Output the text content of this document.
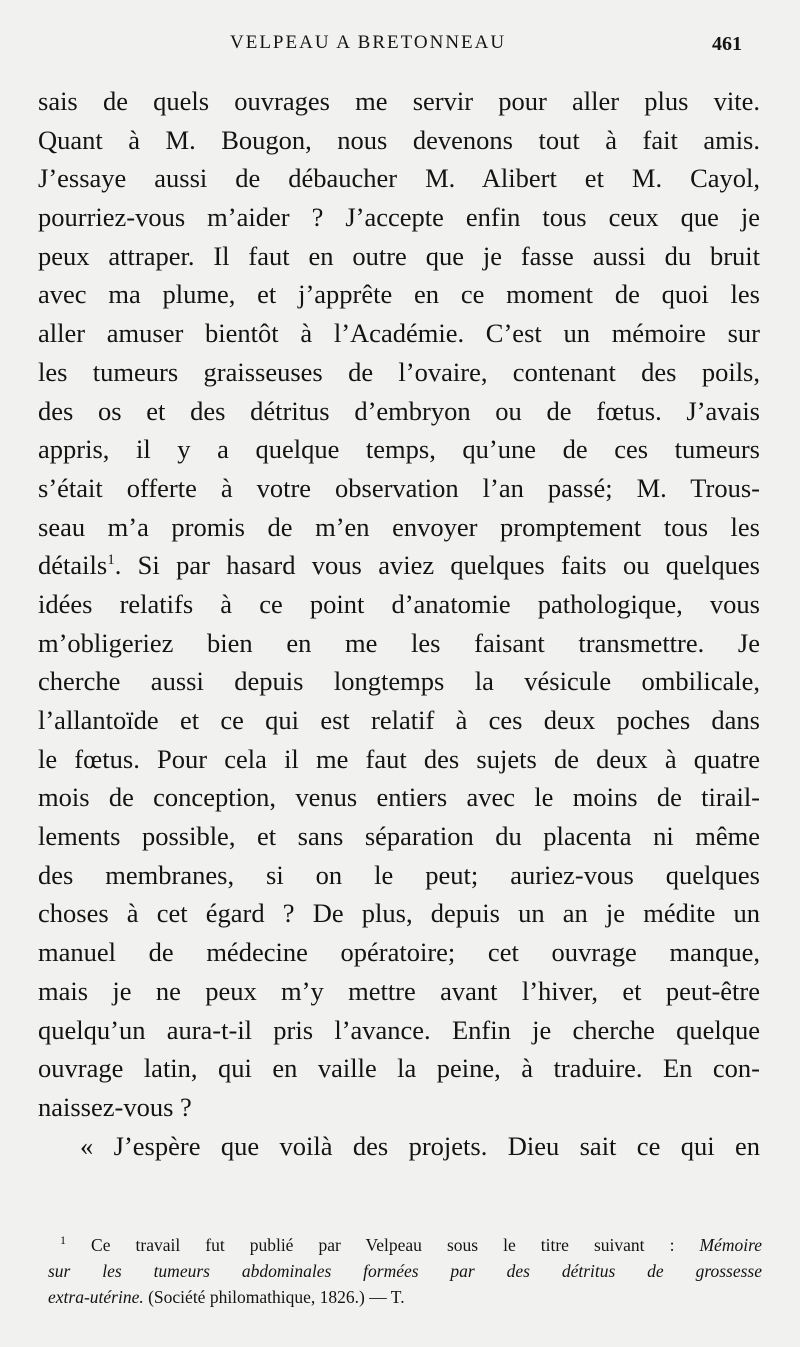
VELPEAU A BRETONNEAU	461
sais de quels ouvrages me servir pour aller plus vite.
Quant à M. Bougon, nous devenons tout à fait amis.
J’essaye aussi de débaucher M. Alibert et M. Cayol,
pourriez-vous m’aider ? J’accepte enfin tous ceux que je
peux attraper. Il faut en outre que je fasse aussi du bruit
avec ma plume, et j’apprête en ce moment de quoi les
aller amuser bientôt à l’Académie. C’est un mémoire sur
les tumeurs graisseuses de l’ovaire, contenant des poils,
des os et des détritus d’embryon ou de fœtus. J’avais
appris, il y a quelque temps, qu’une de ces tumeurs
s’était offerte à votre observation l’an passé; M. Trous-
seau m’a promis de m’en envoyer promptement tous les
détails$^1$. Si par hasard vous aviez quelques faits ou quelques
idées relatifs à ce point d’anatomie pathologique, vous
m’obligeriez bien en me les faisant transmettre. Je
cherche aussi depuis longtemps la vésicule ombilicale,
l’allantoïde et ce qui est relatif à ces deux poches dans
le fœtus. Pour cela il me faut des sujets de deux à quatre
mois de conception, venus entiers avec le moins de tirail-
lements possible, et sans séparation du placenta ni même
des membranes, si on le peut; auriez-vous quelques
choses à cet égard ? De plus, depuis un an je médite un
manuel de médecine opératoire; cet ouvrage manque,
mais je ne peux m’y mettre avant l’hiver, et peut-être
quelqu’un aura-t-il pris l’avance. Enfin je cherche quelque
ouvrage latin, qui en vaille la peine, à traduire. En con-
naissez-vous ?
« J’espère que voilà des projets. Dieu sait ce qui en
$^1$ Ce travail fut publié par Velpeau sous le titre suivant : Mémoire
sur les tumeurs abdominales formées par des détritus de grossesse
extra-utérine. (Société philomathique, 1826.) — T.
